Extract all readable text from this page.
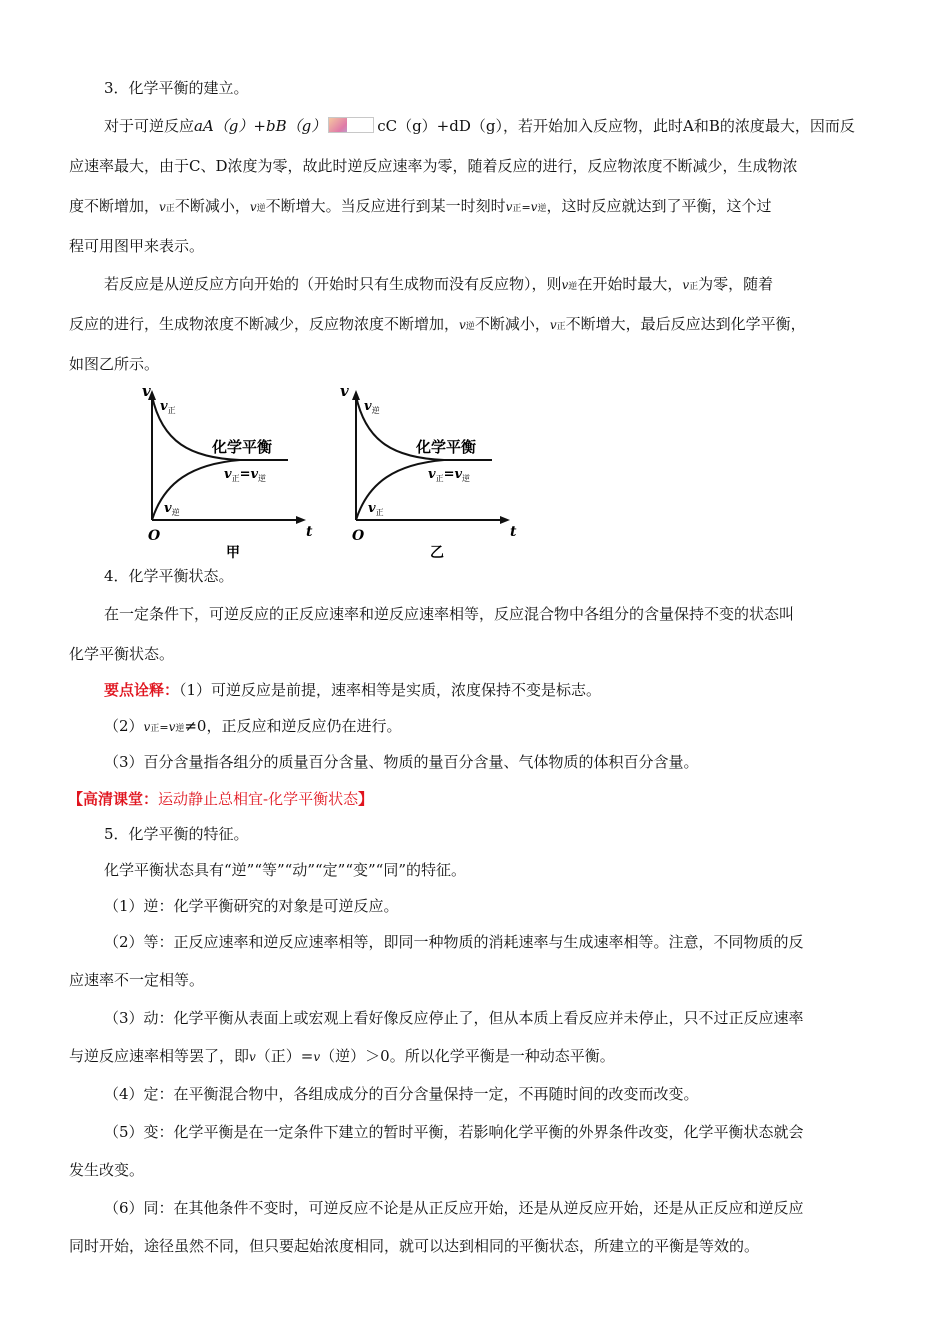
3．化学平衡的建立。
对于可逆反应aA（g）+bB（g）	cC（g）+dD（g），若开始加入反应物，此时A和B的浓度最大，因而反
应速率最大，由于C、D浓度为零，故此时逆反应速率为零，随着反应的进行，反应物浓度不断减少，生成物浓
度不断增加，v正不断减小，v逆不断增大。当反应进行到某一时刻时v正=v逆，这时反应就达到了平衡，这个过
程可用图甲来表示。
若反应是从逆反应方向开始的（开始时只有生成物而没有反应物），则v逆在开始时最大，v正为零，随着
反应的进行，生成物浓度不断减少，反应物浓度不断增加，v逆不断减小，v正不断增大，最后反应达到化学平衡，
如图乙所示。
v
t
O
$v_正$
$v_逆$
化学平衡
$v_正=v_逆$
甲
v
t
O
$v_逆$
$v_正$
化学平衡
$v_正=v_逆$
乙
4．化学平衡状态。
在一定条件下，可逆反应的正反应速率和逆反应速率相等，反应混合物中各组分的含量保持不变的状态叫
化学平衡状态。
要点诠释：（1）可逆反应是前提，速率相等是实质，浓度保持不变是标志。
（2）v正=v逆≠0，正反应和逆反应仍在进行。
（3）百分含量指各组分的质量百分含量、物质的量百分含量、气体物质的体积百分含量。
【高清课堂：运动静止总相宜-化学平衡状态】
5．化学平衡的特征。
化学平衡状态具有“逆”“等”“动”“定”“变”“同”的特征。
（1）逆：化学平衡研究的对象是可逆反应。
（2）等：正反应速率和逆反应速率相等，即同一种物质的消耗速率与生成速率相等。注意，不同物质的反
应速率不一定相等。
（3）动：化学平衡从表面上或宏观上看好像反应停止了，但从本质上看反应并未停止，只不过正反应速率
与逆反应速率相等罢了，即v（正）=v（逆）＞0。所以化学平衡是一种动态平衡。
（4）定：在平衡混合物中，各组成成分的百分含量保持一定，不再随时间的改变而改变。
（5）变：化学平衡是在一定条件下建立的暂时平衡，若影响化学平衡的外界条件改变，化学平衡状态就会
发生改变。
（6）同：在其他条件不变时，可逆反应不论是从正反应开始，还是从逆反应开始，还是从正反应和逆反应
同时开始，途径虽然不同，但只要起始浓度相同，就可以达到相同的平衡状态，所建立的平衡是等效的。
